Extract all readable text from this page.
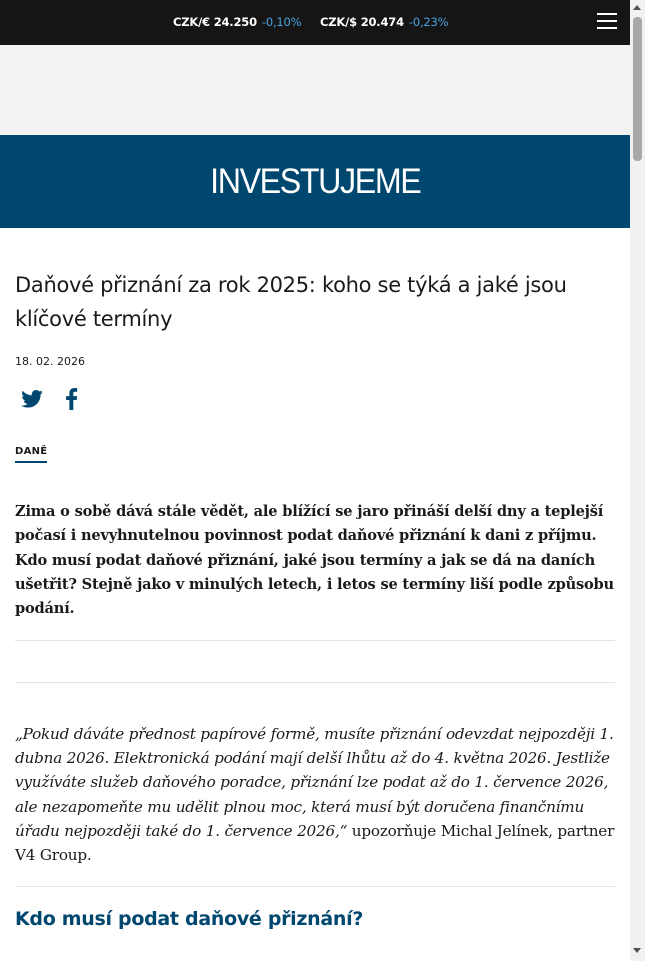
CZK/€ 24.250 -0,10% CZK/$ 20.474 -0,23%
INVESTUJEME
Daňové přiznání za rok 2025: koho se týká a jaké jsou klíčové termíny
18. 02. 2026
DANĚ

Zima o sobě dává stále vědět, ale blížící se jaro přináší delší dny a teplejší počasí i nevyhnutelnou povinnost podat daňové přiznání k dani z příjmu. Kdo musí podat daňové přiznání, jaké jsou termíny a jak se dá na daních ušetřit? Stejně jako v minulých letech, i letos se termíny liší podle způsobu podání.

„Pokud dáváte přednost papírové formě, musíte přiznání odevzdat nejpozději 1. dubna 2026. Elektronická podání mají delší lhůtu až do 4. května 2026. Jestliže využíváte služeb daňového poradce, přiznání lze podat až do 1. července 2026, ale nezapomeňte mu udělit plnou moc, která musí být doručena finančnímu úřadu nejpozději také do 1. července 2026,“ upozorňuje Michal Jelínek, partner V4 Group.

Kdo musí podat daňové přiznání?
